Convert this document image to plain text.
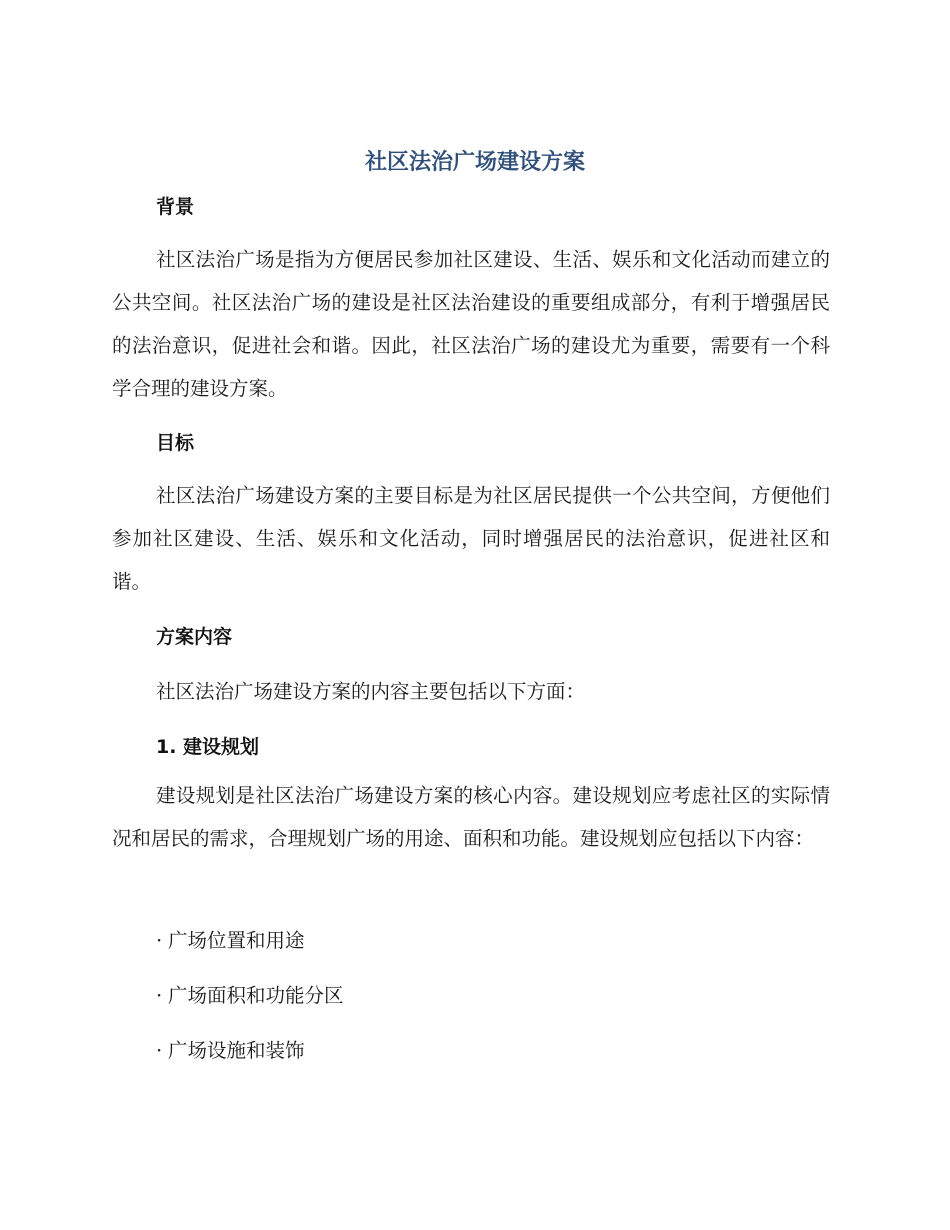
社区法治广场建设方案
背景

社区法治广场是指为方便居民参加社区建设、生活、娱乐和文化活动而建立的公共空间。社区法治广场的建设是社区法治建设的重要组成部分，有利于增强居民的法治意识，促进社会和谐。因此，社区法治广场的建设尤为重要，需要有一个科学合理的建设方案。

目标

社区法治广场建设方案的主要目标是为社区居民提供一个公共空间，方便他们参加社区建设、生活、娱乐和文化活动，同时增强居民的法治意识，促进社区和谐。

方案内容
社区法治广场建设方案的内容主要包括以下方面：
1. 建设规划

建设规划是社区法治广场建设方案的核心内容。建设规划应考虑社区的实际情况和居民的需求，合理规划广场的用途、面积和功能。建设规划应包括以下内容：

· 广场位置和用途
· 广场面积和功能分区
· 广场设施和装饰
